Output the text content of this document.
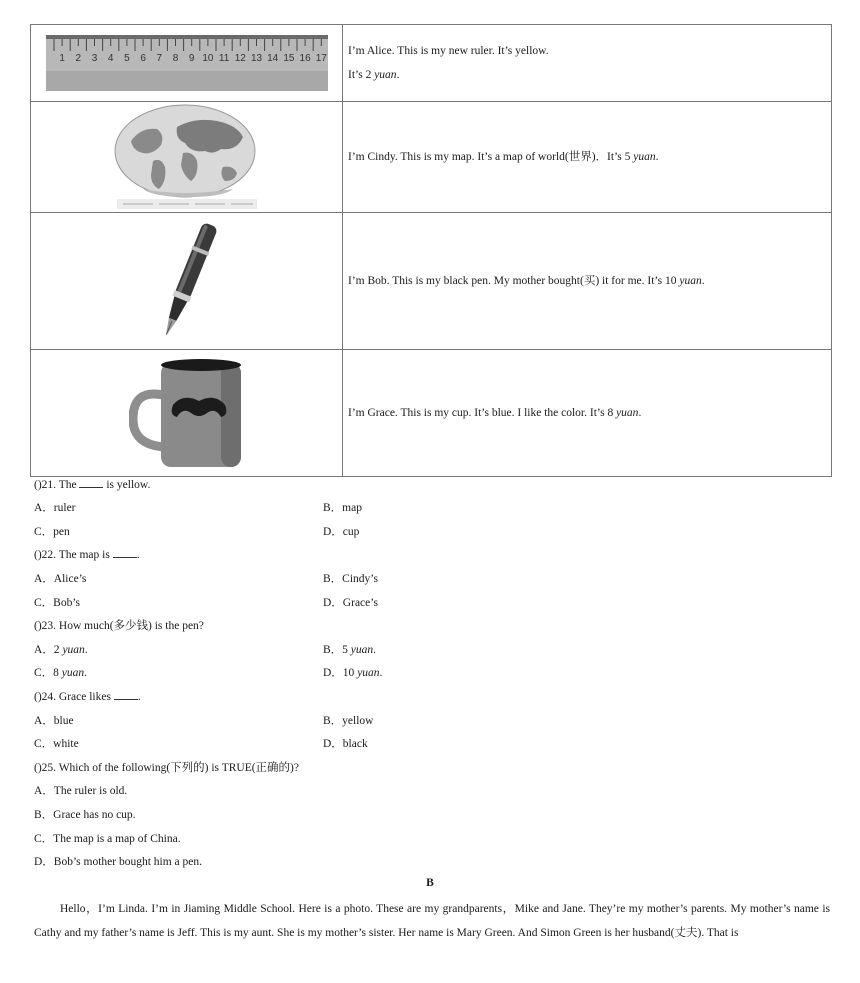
1 2 3 4 5 6 7 8 9 10 11 12 13 14 15 16 17

I’m Alice. This is my new ruler. It’s yellow.

It’s 2 yuan.

I’m Cindy. This is my map. It’s a map of world(世界)．It’s 5 yuan.

I’m Bob. This is my black pen. My mother bought(买) it for me. It’s 10 yuan.

I’m Grace. This is my cup. It’s blue. I like the color. It’s 8 yuan.

()21. The  is yellow.

A．ruler	B．map

C．pen	D．cup

()22. The map is .

A．Alice’s	B．Cindy’s

C．Bob’s	D．Grace’s

()23. How much(多少钱) is the pen?

A．2 yuan.	B．5 yuan.

C．8 yuan.	D．10 yuan.

()24. Grace likes .

A．blue	B．yellow

C．white	D．black

()25. Which of the following(下列的) is TRUE(正确的)?

A．The ruler is old.

B．Grace has no cup.

C．The map is a map of China.

D．Bob’s mother bought him a pen.

B

Hello，I’m Linda. I’m in Jiaming Middle School. Here is a photo. These are my grandparents，Mike and Jane. They’re my mother’s parents. My mother’s name is Cathy and my father’s name is Jeff. This is my aunt. She is my mother’s sister. Her name is Mary Green. And Simon Green is her husband(丈夫). That is
